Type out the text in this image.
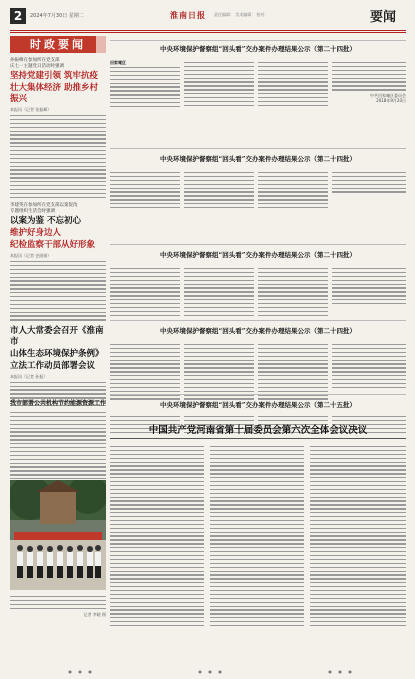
2	2024年7月30日 星期二	淮南日报 责任编辑： 美术编辑： 校对：	要闻
时政要闻
孙振峰在参加所在党支部
庆七一主题党日活动时强调
坚持党建引领 筑牢抗疫
壮大集体经济 助推乡村振兴
本报讯（记者 张振峰）
李建英在参加所在党支部以案促改
专题组织生活会时强调
以案为鉴 不忘初心
维护好身边人
纪检监察干部从好形象
本报讯（记者 史丽娟）
市人大常委会召开《淮南市
山体生态环境保护条例》
立法工作动员部署会议
本报讯（记者 孙振）
我市部署公共机构节约能源资源工作
记者 李晓 摄
中央环境保护督察组“回头看”交办案件办理结果公示（第二十四批）
田家庵区
中共田家庵区委员会
2018年9月20日
中央环境保护督察组“回头看”交办案件办理结果公示（第二十四批）
中央环境保护督察组“回头看”交办案件办理结果公示（第二十四批）
中央环境保护督察组“回头看”交办案件办理结果公示（第二十四批）
中央环境保护督察组“回头看”交办案件办理结果公示（第二十五批）
中国共产党河南省第十届委员会第六次全体会议决议
